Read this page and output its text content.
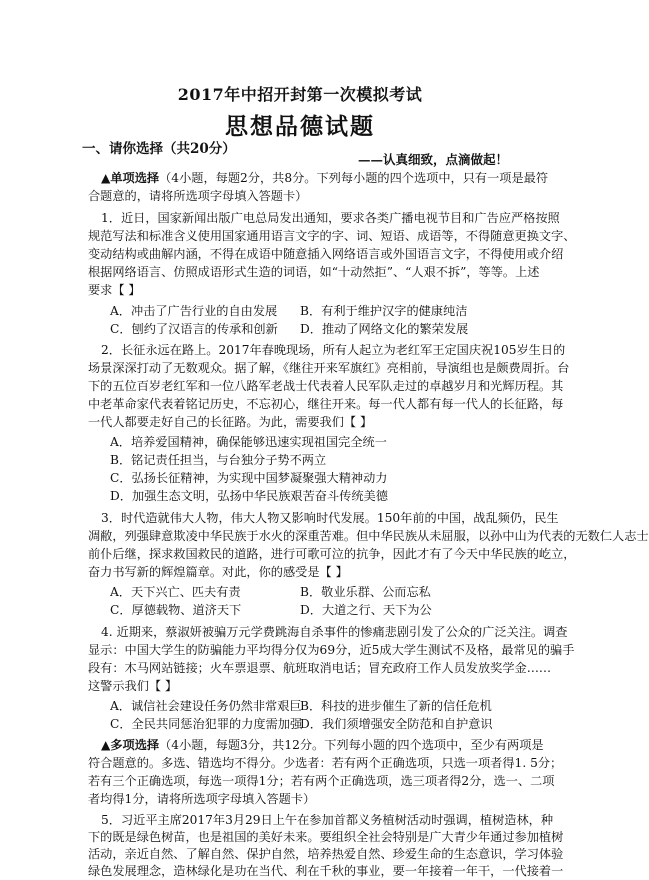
2017年中招开封第一次模拟考试
思想品德试题
一、请你选择（共20分）
——认真细致，点滴做起！
▲单项选择（4小题，每题2分，共8分。下列每小题的四个选项中，只有一项是最符
合题意的，请将所选项字母填入答题卡）
1．近日，国家新闻出版广电总局发出通知，要求各类广播电视节目和广告应严格按照
规范写法和标准含义使用国家通用语言文字的字、词、短语、成语等，不得随意更换文字、
变动结构或曲解内涵，不得在成语中随意插入网络语言或外国语言文字，不得使用或介绍
根据网络语言、仿照成语形式生造的词语，如“十动然拒”、“人艰不拆”，等等。上述
要求【 】
A．冲击了广告行业的自由发展 B．有利于维护汉字的健康纯洁
C．刨约了汉语言的传承和创新 D．推动了网络文化的繁荣发展
2．长征永远在路上。2017年春晚现场，所有人起立为老红军王定国庆祝105岁生日的
场景深深打动了无数观众。据了解，《继往开来军旗红》亮相前，导演组也是颇费周折。台
下的五位百岁老红军和一位八路军老战士代表着人民军队走过的卓越岁月和光辉历程。其
中老革命家代表着铭记历史，不忘初心，继往开来。每一代人都有每一代人的长征路，每
一代人都要走好自己的长征路。为此，需要我们【 】
A．培养爱国精神，确保能够迅速实现祖国完全统一
B．铭记责任担当，与台独分子势不两立
C．弘扬长征精神，为实现中国梦凝聚强大精神动力
D．加强生态文明，弘扬中华民族艰苦奋斗传统美德
3．时代造就伟大人物，伟大人物又影响时代发展。150年前的中国，战乱频仍，民生
凋敝，列强肆意欺凌中华民族于水火的深重苦难。但中华民族从未屈服，以孙中山为代表的无数仁人志士
前仆后继，探求救国救民的道路，进行可歌可泣的抗争，因此才有了今天中华民族的屹立，
奋力书写新的辉煌篇章。对此，你的感受是【 】
A．天下兴亡、匹夫有责	B．敬业乐群、公而忘私
C．厚德载物、道济天下	D．大道之行、天下为公
4. 近期来，蔡淑妍被骗万元学费跳海自杀事件的惨痛悲剧引发了公众的广泛关注。调查
显示：中国大学生的防骗能力平均得分仅为69分，近5成大学生测试不及格，最常见的骗手
段有：木马网站链接；火车票退票、航班取消电话；冒充政府工作人员发放奖学金……
这警示我们【 】
A．诚信社会建设任务仍然非常艰巨
B．科技的进步催生了新的信任危机
C．全民共同惩治犯罪的力度需加强
D．我们须增强安全防范和自护意识
▲多项选择（4小题，每题3分，共12分。下列每小题的四个选项中，至少有两项是
符合题意的。多选、错选均不得分。少选者：若有两个正确选项，只选一项者得1. 5分；
若有三个正确选项，每选一项得1分；若有两个正确选项，选三项者得2分，选一、二项
者均得1分，请将所选项字母填入答题卡）
5．习近平主席2017年3月29日上午在参加首都义务植树活动时强调，植树造林，种
下的既是绿色树苗，也是祖国的美好未来。要组织全社会特别是广大青少年通过参加植树
活动，亲近自然、了解自然、保护自然，培养热爱自然、珍爱生命的生态意识，学习体验
绿色发展理念，造林绿化是功在当代、利在千秋的事业，要一年接着一年干，一代接着一
